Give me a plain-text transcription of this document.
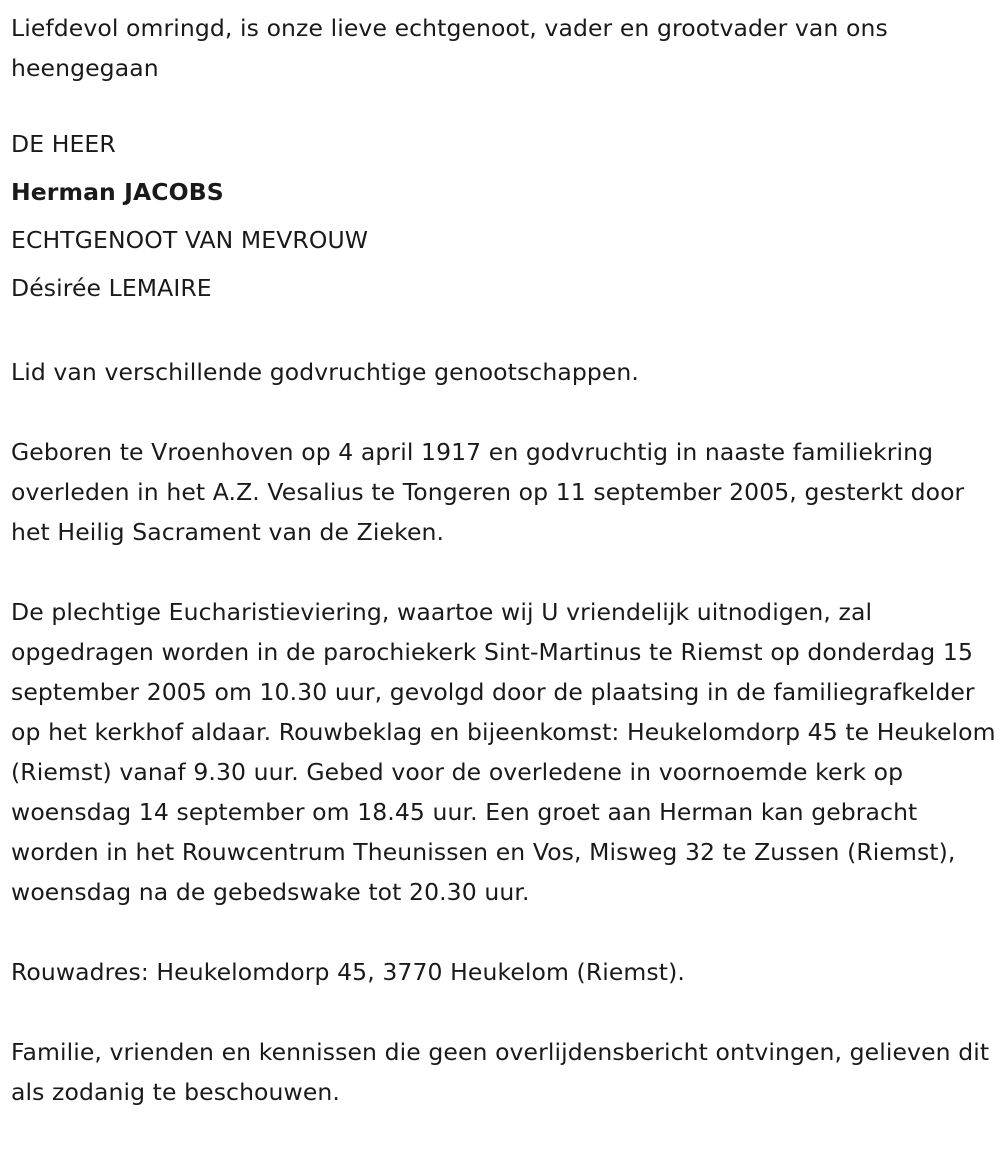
Liefdevol omringd, is onze lieve echtgenoot, vader en grootvader van ons heengegaan

DE HEER
Herman JACOBS
ECHTGENOOT VAN MEVROUW
Désirée LEMAIRE

Lid van verschillende godvruchtige genootschappen.

Geboren te Vroenhoven op 4 april 1917 en godvruchtig in naaste familiekring overleden in het A.Z. Vesalius te Tongeren op 11 september 2005, gesterkt door het Heilig Sacrament van de Zieken.

De plechtige Eucharistieviering, waartoe wij U vriendelijk uitnodigen, zal opgedragen worden in de parochiekerk Sint-Martinus te Riemst op donderdag 15 september 2005 om 10.30 uur, gevolgd door de plaatsing in de familiegrafkelder op het kerkhof aldaar. Rouwbeklag en bijeenkomst: Heukelomdorp 45 te Heukelom (Riemst) vanaf 9.30 uur. Gebed voor de overledene in voornoemde kerk op woensdag 14 september om 18.45 uur. Een groet aan Herman kan gebracht worden in het Rouwcentrum Theunissen en Vos, Misweg 32 te Zussen (Riemst), woensdag na de gebedswake tot 20.30 uur.

Rouwadres: Heukelomdorp 45, 3770 Heukelom (Riemst).

Familie, vrienden en kennissen die geen overlijdensbericht ontvingen, gelieven dit als zodanig te beschouwen.
